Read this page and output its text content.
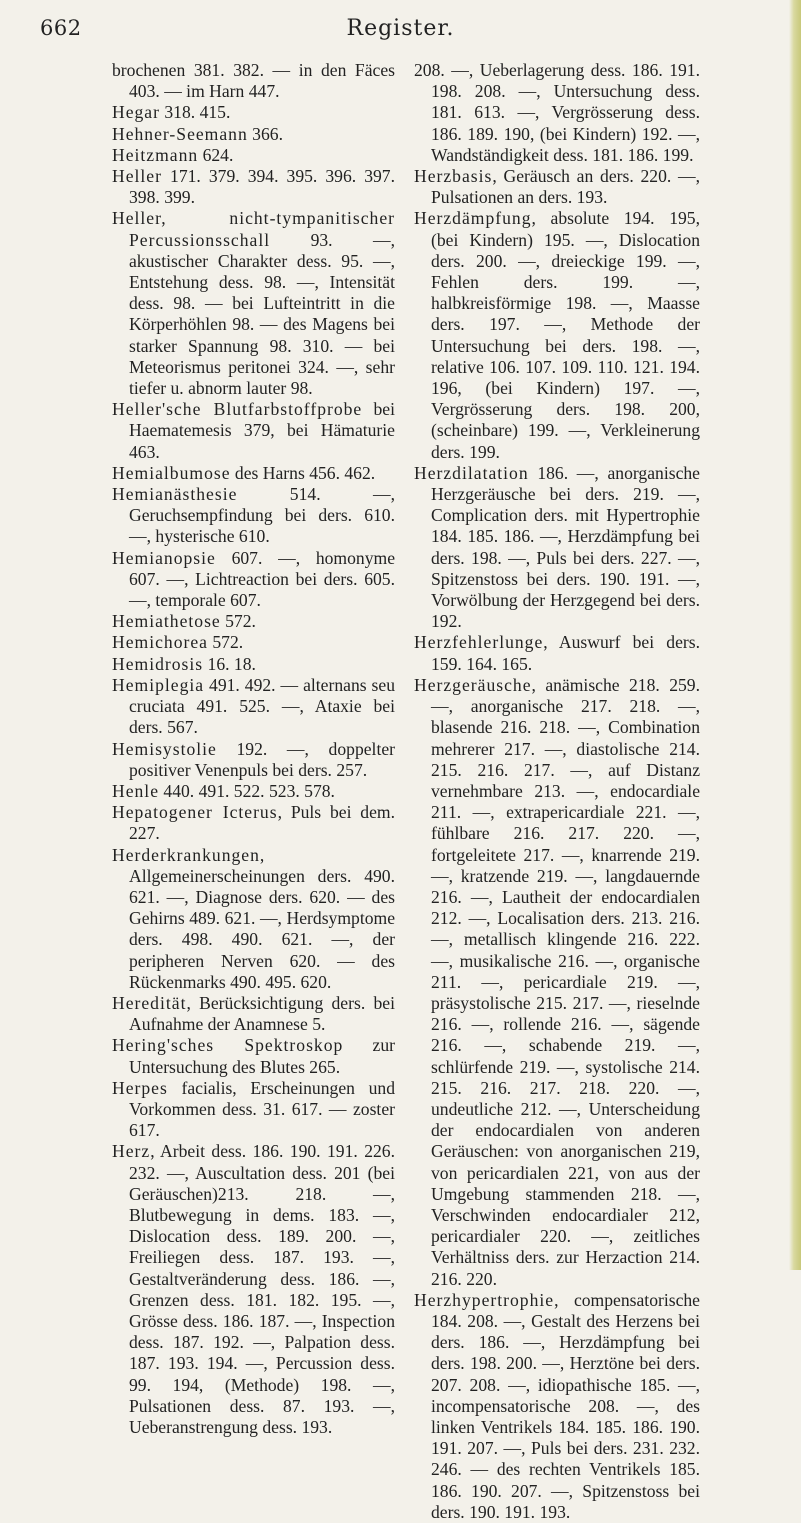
662	Register.

brochenen 381. 382. — in den Fäces 403. — im Harn 447.

Hegar 318. 415.

Hehner-Seemann 366.

Heitzmann 624.

Heller 171. 379. 394. 395. 396. 397. 398. 399.

Heller, nicht-tympanitischer Percussionsschall 93. —, akustischer Charakter dess. 95. —, Entstehung dess. 98. —, Intensität dess. 98. — bei Lufteintritt in die Körperhöhlen 98. — des Magens bei starker Spannung 98. 310. — bei Meteorismus peritonei 324. —, sehr tiefer u. abnorm lauter 98.

Heller'sche Blutfarbstoffprobe bei Haematemesis 379, bei Hämaturie 463.

Hemialbumose des Harns 456. 462.

Hemianästhesie 514. —, Geruchsempfindung bei ders. 610. —, hysterische 610.

Hemianopsie 607. —, homonyme 607. —, Lichtreaction bei ders. 605. —, temporale 607.

Hemiathetose 572.

Hemichorea 572.

Hemidrosis 16. 18.

Hemiplegia 491. 492. — alternans seu cruciata 491. 525. —, Ataxie bei ders. 567.

Hemisystolie 192. —, doppelter positiver Venenpuls bei ders. 257.

Henle 440. 491. 522. 523. 578.

Hepatogener Icterus, Puls bei dem. 227.

Herderkrankungen, Allgemeinerscheinungen ders. 490. 621. —, Diagnose ders. 620. — des Gehirns 489. 621. —, Herdsymptome ders. 498. 490. 621. —, der peripheren Nerven 620. — des Rückenmarks 490. 495. 620.

Heredität, Berücksichtigung ders. bei Aufnahme der Anamnese 5.

Hering'sches Spektroskop zur Untersuchung des Blutes 265.

Herpes facialis, Erscheinungen und Vorkommen dess. 31. 617. — zoster 617.

Herz, Arbeit dess. 186. 190. 191. 226. 232. —, Auscultation dess. 201 (bei Geräuschen)213. 218. —, Blutbewegung in dems. 183. —, Dislocation dess. 189. 200. —, Freiliegen dess. 187. 193. —, Gestaltveränderung dess. 186. —, Grenzen dess. 181. 182. 195. —, Grösse dess. 186. 187. —, Inspection dess. 187. 192. —, Palpation dess. 187. 193. 194. —, Percussion dess. 99. 194, (Methode) 198. —, Pulsationen dess. 87. 193. —, Ueberanstrengung dess. 193.

208. —, Ueberlagerung dess. 186. 191. 198. 208. —, Untersuchung dess. 181. 613. —, Vergrösserung dess. 186. 189. 190, (bei Kindern) 192. —, Wandständigkeit dess. 181. 186. 199.

Herzbasis, Geräusch an ders. 220. —, Pulsationen an ders. 193.

Herzdämpfung, absolute 194. 195, (bei Kindern) 195. —, Dislocation ders. 200. —, dreieckige 199. —, Fehlen ders. 199. —, halbkreisförmige 198. —, Maasse ders. 197. —, Methode der Untersuchung bei ders. 198. —, relative 106. 107. 109. 110. 121. 194. 196, (bei Kindern) 197. —, Vergrösserung ders. 198. 200, (scheinbare) 199. —, Verkleinerung ders. 199.

Herzdilatation 186. —, anorganische Herzgeräusche bei ders. 219. —, Complication ders. mit Hypertrophie 184. 185. 186. —, Herzdämpfung bei ders. 198. —, Puls bei ders. 227. —, Spitzenstoss bei ders. 190. 191. —, Vorwölbung der Herzgegend bei ders. 192.

Herzfehlerlunge, Auswurf bei ders. 159. 164. 165.

Herzgeräusche, anämische 218. 259. —, anorganische 217. 218. —, blasende 216. 218. —, Combination mehrerer 217. —, diastolische 214. 215. 216. 217. —, auf Distanz vernehmbare 213. —, endocardiale 211. —, extrapericardiale 221. —, fühlbare 216. 217. 220. —, fortgeleitete 217. —, knarrende 219. —, kratzende 219. —, langdauernde 216. —, Lautheit der endocardialen 212. —, Localisation ders. 213. 216. —, metallisch klingende 216. 222. —, musikalische 216. —, organische 211. —, pericardiale 219. —, präsystolische 215. 217. —, rieselnde 216. —, rollende 216. —, sägende 216. —, schabende 219. —, schlürfende 219. —, systolische 214. 215. 216. 217. 218. 220. —, undeutliche 212. —, Unterscheidung der endocardialen von anderen Geräuschen: von anorganischen 219, von pericardialen 221, von aus der Umgebung stammenden 218. —, Verschwinden endocardialer 212, pericardialer 220. —, zeitliches Verhältniss ders. zur Herzaction 214. 216. 220.

Herzhypertrophie, compensatorische 184. 208. —, Gestalt des Herzens bei ders. 186. —, Herzdämpfung bei ders. 198. 200. —, Herztöne bei ders. 207. 208. —, idiopathische 185. —, incompensatorische 208. —, des linken Ventrikels 184. 185. 186. 190. 191. 207. —, Puls bei ders. 231. 232. 246. — des rechten Ventrikels 185. 186. 190. 207. —, Spitzenstoss bei ders. 190. 191. 193.
